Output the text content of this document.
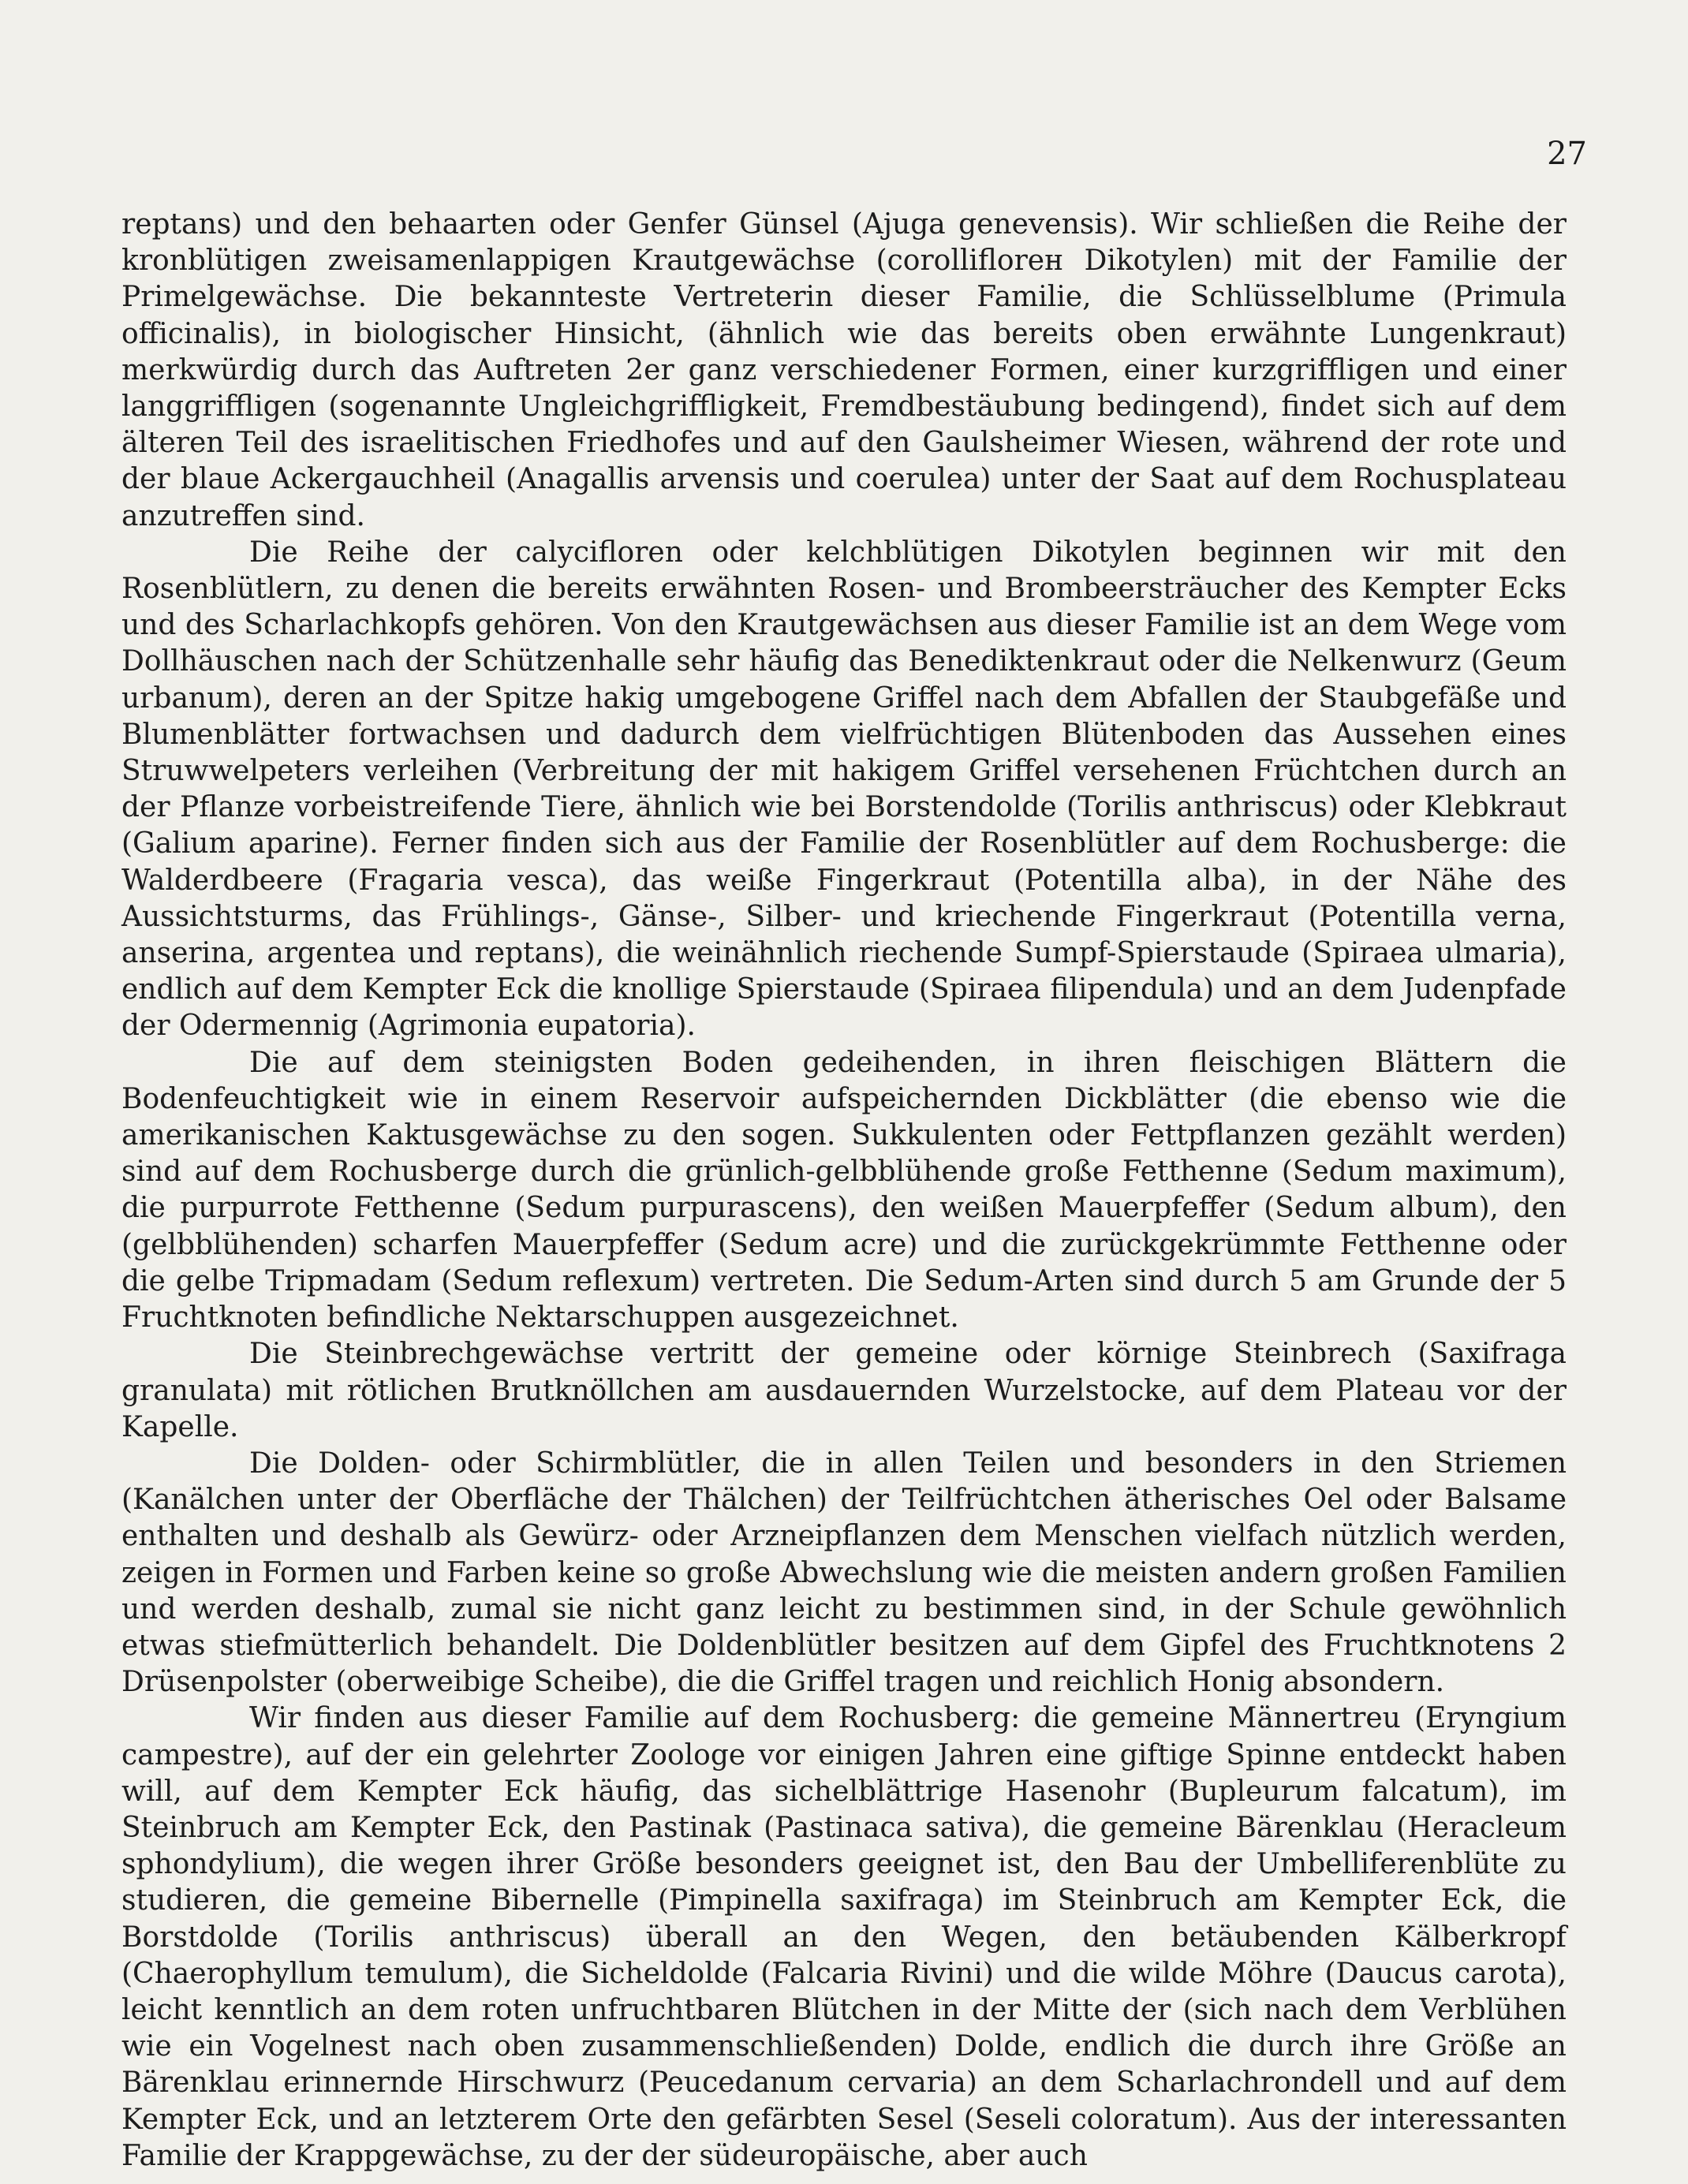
27

reptans) und den behaarten oder Genfer Günsel (Ajuga genevensis). Wir schließen die Reihe der kronblütigen zweisamenlappigen Krautgewächse (corolliflorен Dikotylen) mit der Familie der Primelgewächse. Die bekannteste Vertreterin dieser Familie, die Schlüsselblume (Primula officinalis), in biologischer Hinsicht, (ähnlich wie das bereits oben erwähnte Lungenkraut) merkwürdig durch das Auftreten 2er ganz verschiedener Formen, einer kurzgriffligen und einer langgriffligen (sogenannte Ungleichgriffligkeit, Fremdbestäubung bedingend), findet sich auf dem älteren Teil des israelitischen Friedhofes und auf den Gaulsheimer Wiesen, während der rote und der blaue Ackergauchheil (Anagallis arvensis und coerulea) unter der Saat auf dem Rochusplateau anzutreffen sind.

Die Reihe der calycifloren oder kelchblütigen Dikotylen beginnen wir mit den Rosenblütlern, zu denen die bereits erwähnten Rosen- und Brombeersträucher des Kempter Ecks und des Scharlachkopfs gehören. Von den Krautgewächsen aus dieser Familie ist an dem Wege vom Dollhäuschen nach der Schützenhalle sehr häufig das Benediktenkraut oder die Nelkenwurz (Geum urbanum), deren an der Spitze hakig umgebogene Griffel nach dem Abfallen der Staubgefäße und Blumenblätter fortwachsen und dadurch dem vielfrüchtigen Blütenboden das Aussehen eines Struwwelpeters verleihen (Verbreitung der mit hakigem Griffel versehenen Früchtchen durch an der Pflanze vorbeistreifende Tiere, ähnlich wie bei Borstendolde (Torilis anthriscus) oder Klebkraut (Galium aparine). Ferner finden sich aus der Familie der Rosenblütler auf dem Rochusberge: die Walderdbeere (Fragaria vesca), das weiße Fingerkraut (Potentilla alba), in der Nähe des Aussichtsturms, das Frühlings-, Gänse-, Silber- und kriechende Fingerkraut (Potentilla verna, anserina, argentea und reptans), die weinähnlich riechende Sumpf-Spierstaude (Spiraea ulmaria), endlich auf dem Kempter Eck die knollige Spierstaude (Spiraea filipendula) und an dem Judenpfade der Odermennig (Agrimonia eupatoria).

Die auf dem steinigsten Boden gedeihenden, in ihren fleischigen Blättern die Bodenfeuchtigkeit wie in einem Reservoir aufspeichernden Dickblätter (die ebenso wie die amerikanischen Kaktusgewächse zu den sogen. Sukkulenten oder Fettpflanzen gezählt werden) sind auf dem Rochusberge durch die grünlich-gelbblühende große Fetthenne (Sedum maximum), die purpurrote Fetthenne (Sedum purpurascens), den weißen Mauerpfeffer (Sedum album), den (gelbblühenden) scharfen Mauerpfeffer (Sedum acre) und die zurückgekrümmte Fetthenne oder die gelbe Tripmadam (Sedum reflexum) vertreten. Die Sedum-Arten sind durch 5 am Grunde der 5 Fruchtknoten befindliche Nektarschuppen ausgezeichnet.

Die Steinbrechgewächse vertritt der gemeine oder körnige Steinbrech (Saxifraga granulata) mit rötlichen Brutknöllchen am ausdauernden Wurzelstocke, auf dem Plateau vor der Kapelle.

Die Dolden- oder Schirmblütler, die in allen Teilen und besonders in den Striemen (Kanälchen unter der Oberfläche der Thälchen) der Teilfrüchtchen ätherisches Oel oder Balsame enthalten und deshalb als Gewürz- oder Arzneipflanzen dem Menschen vielfach nützlich werden, zeigen in Formen und Farben keine so große Abwechslung wie die meisten andern großen Familien und werden deshalb, zumal sie nicht ganz leicht zu bestimmen sind, in der Schule gewöhnlich etwas stiefmütterlich behandelt. Die Doldenblütler besitzen auf dem Gipfel des Fruchtknotens 2 Drüsenpolster (oberweibige Scheibe), die die Griffel tragen und reichlich Honig absondern.

Wir finden aus dieser Familie auf dem Rochusberg: die gemeine Männertreu (Eryngium campestre), auf der ein gelehrter Zoologe vor einigen Jahren eine giftige Spinne entdeckt haben will, auf dem Kempter Eck häufig, das sichelblättrige Hasenohr (Bupleurum falcatum), im Steinbruch am Kempter Eck, den Pastinak (Pastinaca sativa), die gemeine Bärenklau (Heracleum sphondylium), die wegen ihrer Größe besonders geeignet ist, den Bau der Umbelliferenblüte zu studieren, die gemeine Bibernelle (Pimpinella saxifraga) im Steinbruch am Kempter Eck, die Borstdolde (Torilis anthriscus) überall an den Wegen, den betäubenden Kälberkropf (Chaerophyllum temulum), die Sicheldolde (Falcaria Rivini) und die wilde Möhre (Daucus carota), leicht kenntlich an dem roten unfruchtbaren Blütchen in der Mitte der (sich nach dem Verblühen wie ein Vogelnest nach oben zusammenschließenden) Dolde, endlich die durch ihre Größe an Bärenklau erinnernde Hirschwurz (Peucedanum cervaria) an dem Scharlachrondell und auf dem Kempter Eck, und an letzterem Orte den gefärbten Sesel (Seseli coloratum). Aus der interessanten Familie der Krappgewächse, zu der der südeuropäische, aber auch
